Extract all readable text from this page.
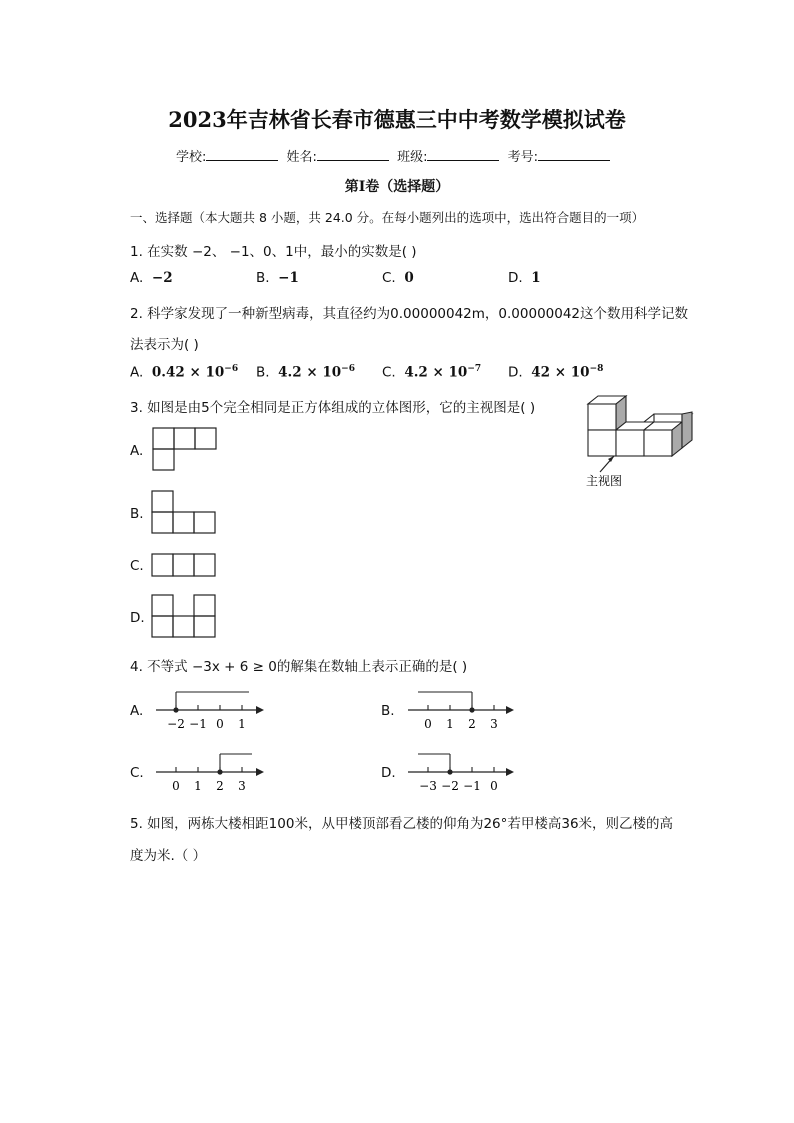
2023年吉林省长春市德惠三中中考数学模拟试卷
学校:	姓名:	班级:	考号:
第I卷（选择题）
一、选择题（本大题共 8 小题，共 24.0 分。在每小题列出的选项中，选出符合题目的一项）
1. 在实数 −2、 −1、0、1中，最小的实数是( )
A. −2	B. −1	C. 0	D. 1
2. 科学家发现了一种新型病毒，其直径约为0.00000042m，0.00000042这个数用科学记数
法表示为( )
A. $0.42 \times 10^{-6}$ B. $4.2 \times 10^{-6}$ C. $4.2 \times 10^{-7}$ D. $42 \times 10^{-8}$
3. 如图是由5个完全相同是正方体组成的立体图形，它的主视图是( )
主视图
A.
B.
C.
D.
4. 不等式 −3x + 6 ≥ 0的解集在数轴上表示正确的是( )
A.
−2 −1 0 1
B.
0 1 2 3
C.
0 1 2 3
D.
−3 −2 −1 0
5. 如图，两栋大楼相距100米，从甲楼顶部看乙楼的仰角为26°若甲楼高36米，则乙楼的高
度为米.（ ）
